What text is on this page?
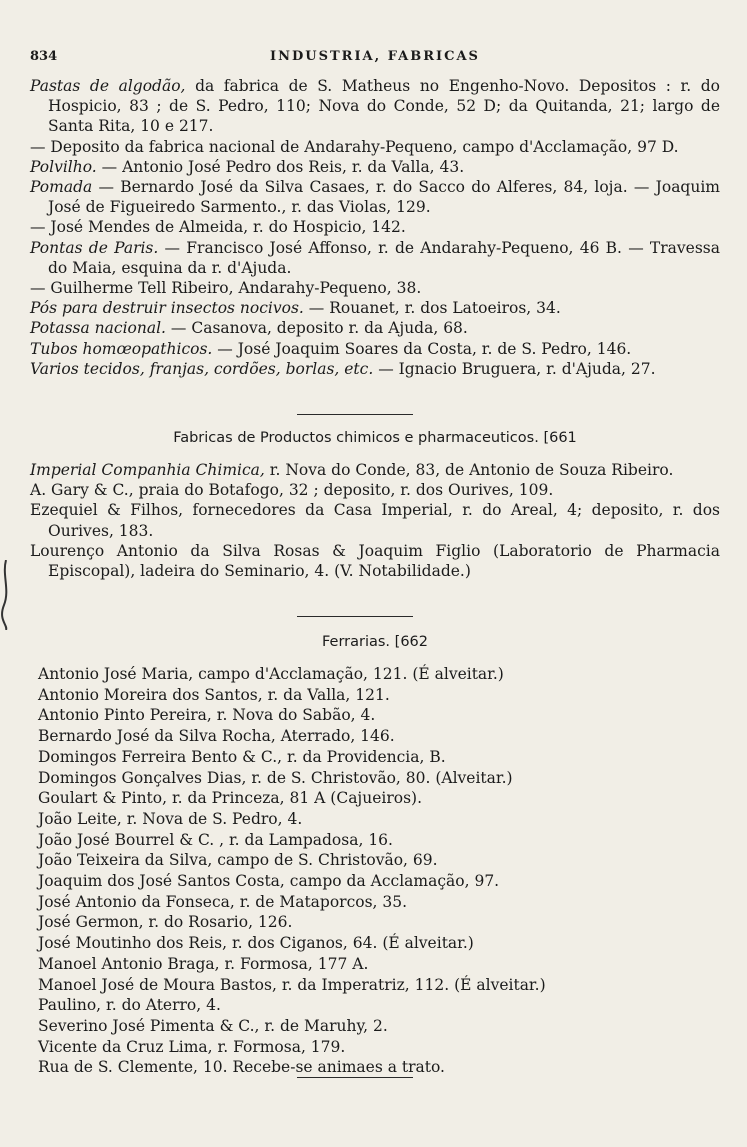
834	INDUSTRIA, FABRICAS
Pastas de algodão, da fabrica de S. Matheus no Engenho-Novo. Depositos : r. do Hospicio, 83 ; de S. Pedro, 110; Nova do Conde, 52 D; da Quitanda, 21; largo de Santa Rita, 10 e 217.
— Deposito da fabrica nacional de Andarahy-Pequeno, campo d'Acclamação, 97 D.
Polvilho. — Antonio José Pedro dos Reis, r. da Valla, 43.
Pomada — Bernardo José da Silva Casaes, r. do Sacco do Alferes, 84, loja. — Joaquim José de Figueiredo Sarmento., r. das Violas, 129.
— José Mendes de Almeida, r. do Hospicio, 142.
Pontas de Paris. — Francisco José Affonso, r. de Andarahy-Pequeno, 46 B. — Travessa do Maia, esquina da r. d'Ajuda.
— Guilherme Tell Ribeiro, Andarahy-Pequeno, 38.
Pós para destruir insectos nocivos. — Rouanet, r. dos Latoeiros, 34.
Potassa nacional. — Casanova, deposito r. da Ajuda, 68.
Tubos homœopathicos. — José Joaquim Soares da Costa, r. de S. Pedro, 146.
Varios tecidos, franjas, cordões, borlas, etc. — Ignacio Bruguera, r. d'Ajuda, 27.
Fabricas de Productos chimicos e pharmaceuticos. [661
Imperial Companhia Chimica, r. Nova do Conde, 83, de Antonio de Souza Ribeiro.
A. Gary & C., praia do Botafogo, 32 ; deposito, r. dos Ourives, 109.
Ezequiel & Filhos, fornecedores da Casa Imperial, r. do Areal, 4; deposito, r. dos Ourives, 183.
Lourenço Antonio da Silva Rosas & Joaquim Figlio (Laboratorio de Pharmacia Episcopal), ladeira do Seminario, 4. (V. Notabilidade.)
Ferrarias. [662
Antonio José Maria, campo d'Acclamação, 121. (É alveitar.)
Antonio Moreira dos Santos, r. da Valla, 121.
Antonio Pinto Pereira, r. Nova do Sabão, 4.
Bernardo José da Silva Rocha, Aterrado, 146.
Domingos Ferreira Bento & C., r. da Providencia, B.
Domingos Gonçalves Dias, r. de S. Christovão, 80. (Alveitar.)
Goulart & Pinto, r. da Princeza, 81 A (Cajueiros).
João Leite, r. Nova de S. Pedro, 4.
João José Bourrel & C. , r. da Lampadosa, 16.
João Teixeira da Silva, campo de S. Christovão, 69.
Joaquim dos José Santos Costa, campo da Acclamação, 97.
José Antonio da Fonseca, r. de Mataporcos, 35.
José Germon, r. do Rosario, 126.
José Moutinho dos Reis, r. dos Ciganos, 64. (É alveitar.)
Manoel Antonio Braga, r. Formosa, 177 A.
Manoel José de Moura Bastos, r. da Imperatriz, 112. (É alveitar.)
Paulino, r. do Aterro, 4.
Severino José Pimenta & C., r. de Maruhy, 2.
Vicente da Cruz Lima, r. Formosa, 179.
Rua de S. Clemente, 10. Recebe-se animaes a trato.
